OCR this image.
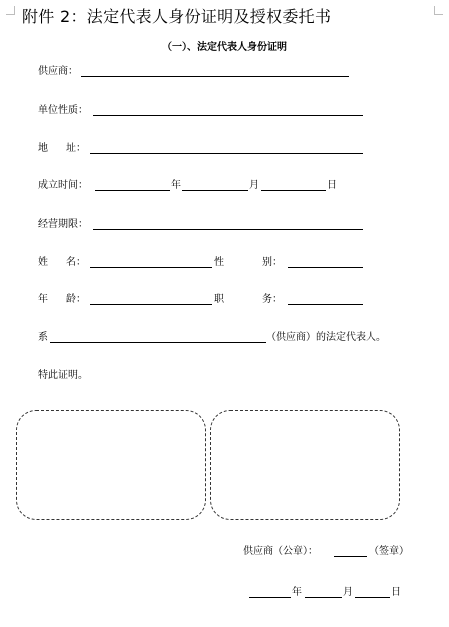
附件 2：法定代表人身份证明及授权委托书
（一）、法定代表人身份证明
供应商：
单位性质：
地 址：
成立时间：	年	月	日
经营期限：
姓 名：	性	别：
年 龄：	职	务：
系	（供应商）的法定代表人。
特此证明。
供应商（公章）：	（签章）
年	月	日
